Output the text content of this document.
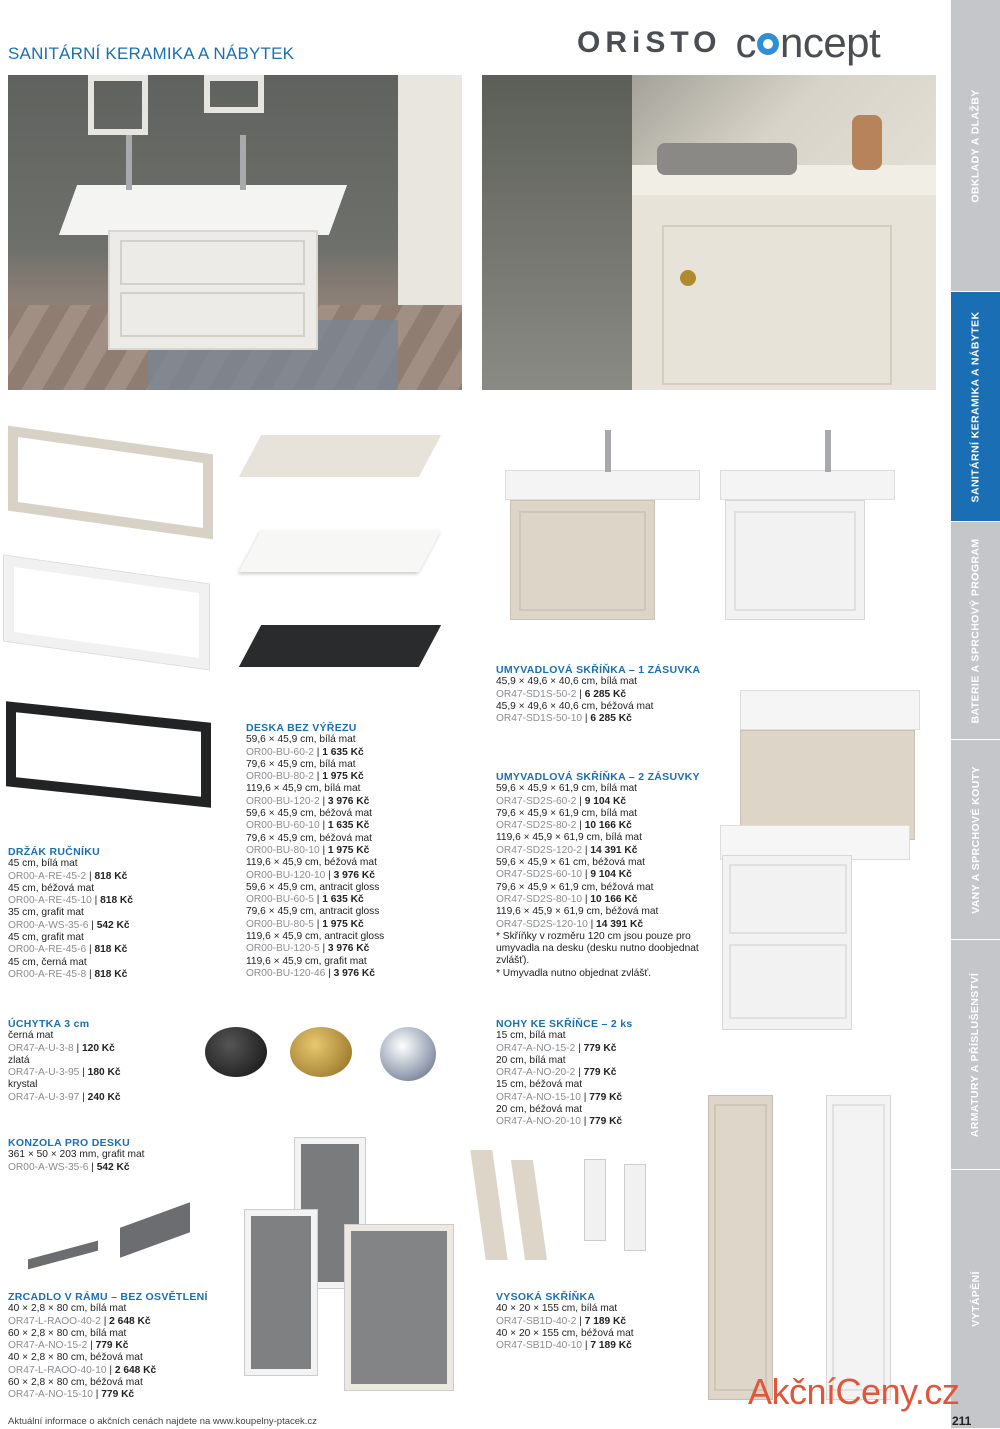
SANITÁRNÍ KERAMIKA A NÁBYTEK	ORiSTO c ncept
OBKLADY A DLAŽBY
SANITÁRNÍ KERAMIKA A NÁBYTEK
BATERIE A SPRCHOVÝ PROGRAM
VANY A SPRCHOVÉ KOUTY
ARMATURY A PŘÍSLUŠENSTVÍ
VYTÁPĚNÍ
DRŽÁK RUČNÍKU
45 cm, bílá mat
OR00-A-RE-45-2 | 818 Kč
45 cm, béžová mat
OR00-A-RE-45-10 | 818 Kč
35 cm, grafit mat
OR00-A-WS-35-6 | 542 Kč
45 cm, grafit mat
OR00-A-RE-45-6 | 818 Kč
45 cm, černá mat
OR00-A-RE-45-8 | 818 Kč
DESKA BEZ VÝŘEZU
59,6 × 45,9 cm, bílá mat
OR00-BU-60-2 | 1 635 Kč
79,6 × 45,9 cm, bílá mat
OR00-BU-80-2 | 1 975 Kč
119,6 × 45,9 cm, bílá mat
OR00-BU-120-2 | 3 976 Kč
59,6 × 45,9 cm, béžová mat
OR00-BU-60-10 | 1 635 Kč
79,6 × 45,9 cm, béžová mat
OR00-BU-80-10 | 1 975 Kč
119,6 × 45,9 cm, béžová mat
OR00-BU-120-10 | 3 976 Kč
59,6 × 45,9 cm, antracit gloss
OR00-BU-60-5 | 1 635 Kč
79,6 × 45,9 cm, antracit gloss
OR00-BU-80-5 | 1 975 Kč
119,6 × 45,9 cm, antracit gloss
OR00-BU-120-5 | 3 976 Kč
119,6 × 45,9 cm, grafit mat
OR00-BU-120-46 | 3 976 Kč
UMYVADLOVÁ SKŘÍŇKA – 1 ZÁSUVKA
45,9 × 49,6 × 40,6 cm, bílá mat
OR47-SD1S-50-2 | 6 285 Kč
45,9 × 49,6 × 40,6 cm, béžová mat
OR47-SD1S-50-10 | 6 285 Kč
UMYVADLOVÁ SKŘÍŇKA – 2 ZÁSUVKY
59,6 × 45,9 × 61,9 cm, bílá mat
OR47-SD2S-60-2 | 9 104 Kč
79,6 × 45,9 × 61,9 cm, bílá mat
OR47-SD2S-80-2 | 10 166 Kč
119,6 × 45,9 × 61,9 cm, bílá mat
OR47-SD2S-120-2 | 14 391 Kč
59,6 × 45,9 × 61 cm, béžová mat
OR47-SD2S-60-10 | 9 104 Kč
79,6 × 45,9 × 61,9 cm, béžová mat
OR47-SD2S-80-10 | 10 166 Kč
119,6 × 45,9 × 61,9 cm, béžová mat
OR47-SD2S-120-10 | 14 391 Kč
* Skříňky v rozměru 120 cm jsou pouze pro umyvadla na desku (desku nutno doobjednat zvlášť).
* Umyvadla nutno objednat zvlášť.
ÚCHYTKA 3 cm
černá mat
OR47-A-U-3-8 | 120 Kč
zlatá
OR47-A-U-3-95 | 180 Kč
krystal
OR47-A-U-3-97 | 240 Kč
NOHY KE SKŘÍŇCE – 2 ks
15 cm, bílá mat
OR47-A-NO-15-2 | 779 Kč
20 cm, bílá mat
OR47-A-NO-20-2 | 779 Kč
15 cm, béžová mat
OR47-A-NO-15-10 | 779 Kč
20 cm, béžová mat
OR47-A-NO-20-10 | 779 Kč
KONZOLA PRO DESKU
361 × 50 × 203 mm, grafit mat
OR00-A-WS-35-6 | 542 Kč
ZRCADLO V RÁMU – BEZ OSVĚTLENÍ
40 × 2,8 × 80 cm, bílá mat
OR47-L-RAOO-40-2 | 2 648 Kč
60 × 2,8 × 80 cm, bílá mat
OR47-A-NO-15-2 | 779 Kč
40 × 2,8 × 80 cm, béžová mat
OR47-L-RAOO-40-10 | 2 648 Kč
60 × 2,8 × 80 cm, béžová mat
OR47-A-NO-15-10 | 779 Kč
VYSOKÁ SKŘÍŇKA
40 × 20 × 155 cm, bílá mat
OR47-SB1D-40-2 | 7 189 Kč
40 × 20 × 155 cm, béžová mat
OR47-SB1D-40-10 | 7 189 Kč
Aktuální informace o akčních cenách najdete na www.koupelny-ptacek.cz	211
AkčníCeny.cz
